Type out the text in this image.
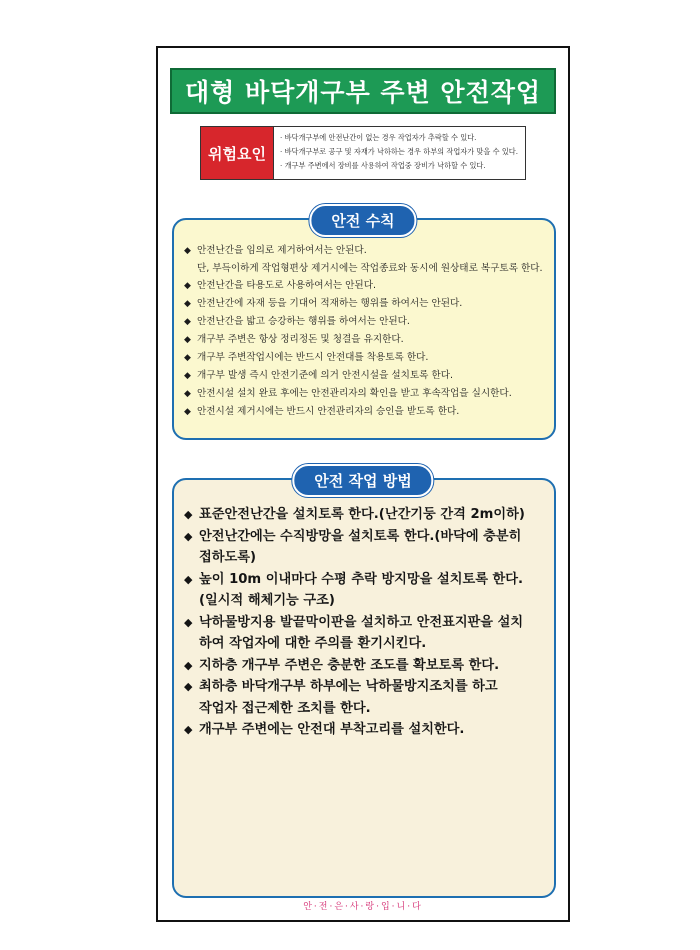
대형 바닥개구부 주변 안전작업
위험요인
· 바닥개구부에 안전난간이 없는 경우 작업자가 추락할 수 있다.
· 바닥개구부로 공구 및 자재가 낙하하는 경우 하부의 작업자가 맞을 수 있다.
· 개구부 주변에서 장비를 사용하여 작업중 장비가 낙하할 수 있다.
◆ 안전난간을 임의로 제거하여서는 안된다.
단, 부득이하게 작업형편상 제거시에는 작업종료와 동시에 원상태로 복구토록 한다.
◆ 안전난간을 타용도로 사용하여서는 안된다.
◆ 안전난간에 자재 등을 기대어 적재하는 행위를 하여서는 안된다.
◆ 안전난간을 밟고 승강하는 행위를 하여서는 안된다.
◆ 개구부 주변은 항상 정리정돈 및 청결을 유지한다.
◆ 개구부 주변작업시에는 반드시 안전대를 착용토록 한다.
◆ 개구부 발생 즉시 안전기준에 의거 안전시설을 설치토록 한다.
◆ 안전시설 설치 완료 후에는 안전관리자의 확인을 받고 후속작업을 실시한다.
◆ 안전시설 제거시에는 반드시 안전관리자의 승인을 받도록 한다.
안전 수칙
◆ 표준안전난간을 설치토록 한다.(난간기둥 간격 2m이하)
◆ 안전난간에는 수직방망을 설치토록 한다.(바닥에 충분히
접하도록)
◆ 높이 10m 이내마다 수평 추락 방지망을 설치토록 한다.
(일시적 해체기능 구조)
◆ 낙하물방지용 발끝막이판을 설치하고 안전표지판을 설치
하여 작업자에 대한 주의를 환기시킨다.
◆ 지하층 개구부 주변은 충분한 조도를 확보토록 한다.
◆ 최하층 바닥개구부 하부에는 낙하물방지조치를 하고
작업자 접근제한 조치를 한다.
◆ 개구부 주변에는 안전대 부착고리를 설치한다.
안전 작업 방법
안·전·은·사·랑·입·니·다
